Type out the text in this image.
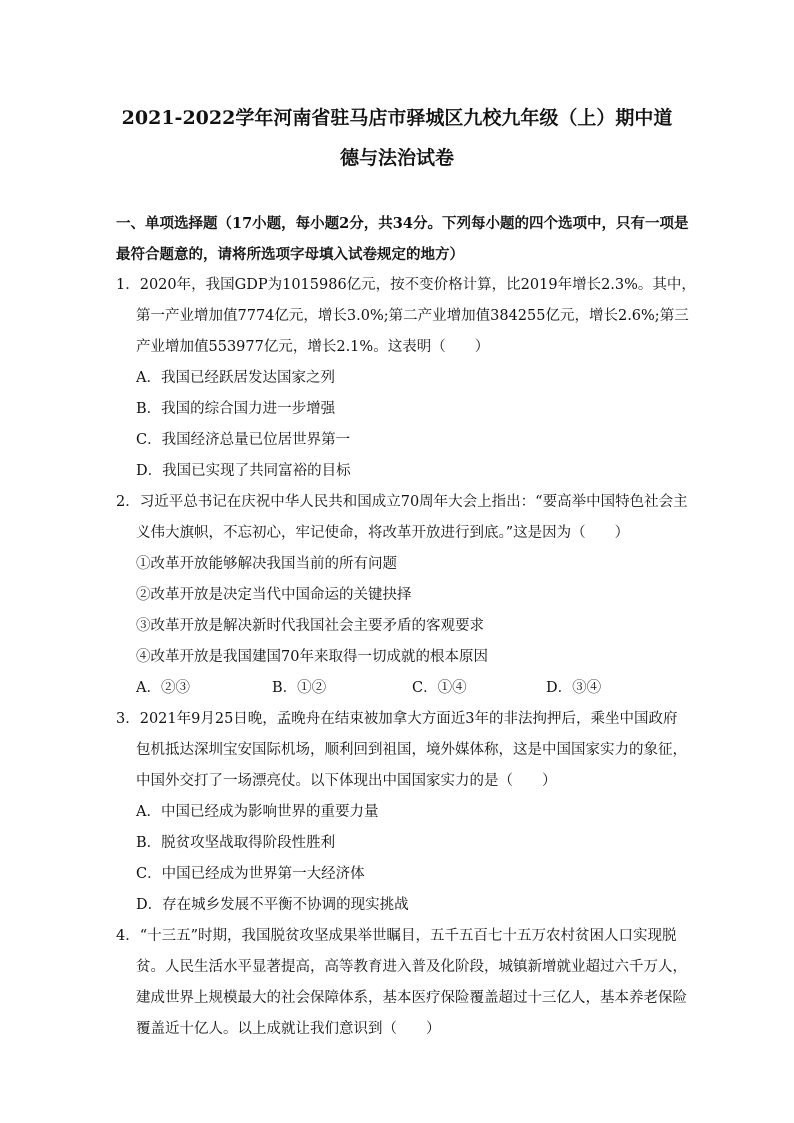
2021-2022学年河南省驻马店市驿城区九校九年级（上）期中道
德与法治试卷

一、单项选择题（17小题，每小题2分，共34分。下列每小题的四个选项中，只有一项是

最符合题意的，请将所选项字母填入试卷规定的地方）

1．2020年，我国GDP为1015986亿元，按不变价格计算，比2019年增长2.3%。其中，

第一产业增加值7774亿元，增长3.0%;第二产业增加值384255亿元，增长2.6%;第三

产业增加值553977亿元，增长2.1%。这表明（　　）

A．我国已经跃居发达国家之列

B．我国的综合国力进一步增强

C．我国经济总量已位居世界第一

D．我国已实现了共同富裕的目标

2．习近平总书记在庆祝中华人民共和国成立70周年大会上指出：“要高举中国特色社会主

义伟大旗帜，不忘初心，牢记使命，将改革开放进行到底。”这是因为（　　）

①改革开放能够解决我国当前的所有问题

②改革开放是决定当代中国命运的关键抉择

③改革开放是解决新时代我国社会主要矛盾的客观要求

④改革开放是我国建国70年来取得一切成就的根本原因

A．②③	B．①②	C．①④	D．③④

3．2021年9月25日晚，孟晚舟在结束被加拿大方面近3年的非法拘押后，乘坐中国政府

包机抵达深圳宝安国际机场，顺利回到祖国，境外媒体称，这是中国国家实力的象征，

中国外交打了一场漂亮仗。以下体现出中国国家实力的是（　　）

A．中国已经成为影响世界的重要力量

B．脱贫攻坚战取得阶段性胜利

C．中国已经成为世界第一大经济体

D．存在城乡发展不平衡不协调的现实挑战

4．“十三五”时期，我国脱贫攻坚成果举世瞩目，五千五百七十五万农村贫困人口实现脱

贫。人民生活水平显著提高，高等教育进入普及化阶段，城镇新增就业超过六千万人，

建成世界上规模最大的社会保障体系，基本医疗保险覆盖超过十三亿人，基本养老保险

覆盖近十亿人。以上成就让我们意识到（　　）
